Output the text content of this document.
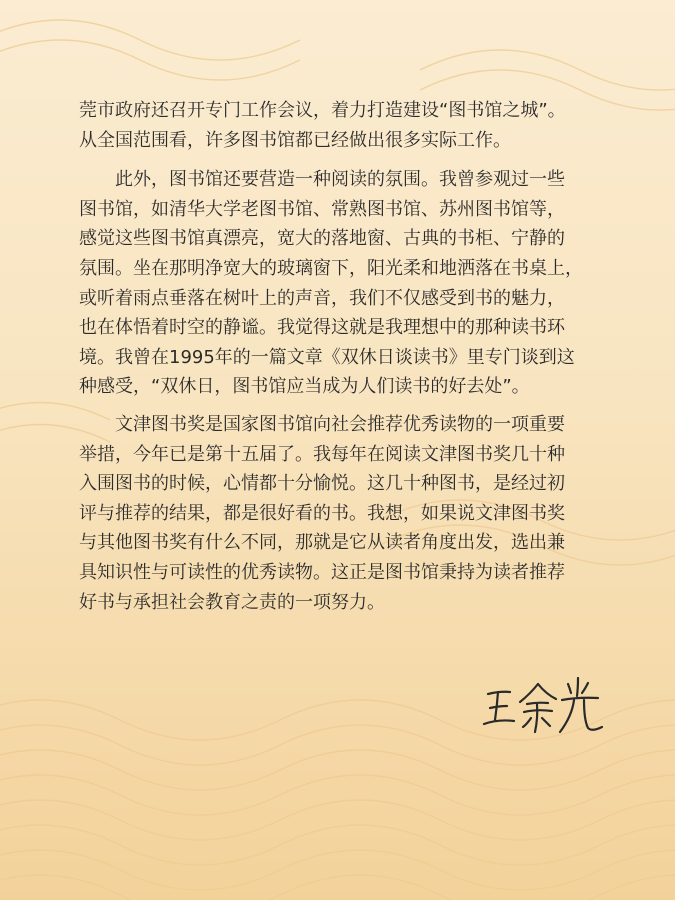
莞市政府还召开专门工作会议，着力打造建设“图书馆之城”。
从全国范围看，许多图书馆都已经做出很多实际工作。

　　此外，图书馆还要营造一种阅读的氛围。我曾参观过一些
图书馆，如清华大学老图书馆、常熟图书馆、苏州图书馆等，
感觉这些图书馆真漂亮，宽大的落地窗、古典的书柜、宁静的
氛围。坐在那明净宽大的玻璃窗下，阳光柔和地洒落在书桌上，
或听着雨点垂落在树叶上的声音，我们不仅感受到书的魅力，
也在体悟着时空的静谧。我觉得这就是我理想中的那种读书环
境。我曾在1995年的一篇文章《双休日谈读书》里专门谈到这
种感受，“双休日，图书馆应当成为人们读书的好去处”。

　　文津图书奖是国家图书馆向社会推荐优秀读物的一项重要
举措，今年已是第十五届了。我每年在阅读文津图书奖几十种
入围图书的时候，心情都十分愉悦。这几十种图书，是经过初
评与推荐的结果，都是很好看的书。我想，如果说文津图书奖
与其他图书奖有什么不同，那就是它从读者角度出发，选出兼
具知识性与可读性的优秀读物。这正是图书馆秉持为读者推荐
好书与承担社会教育之责的一项努力。
